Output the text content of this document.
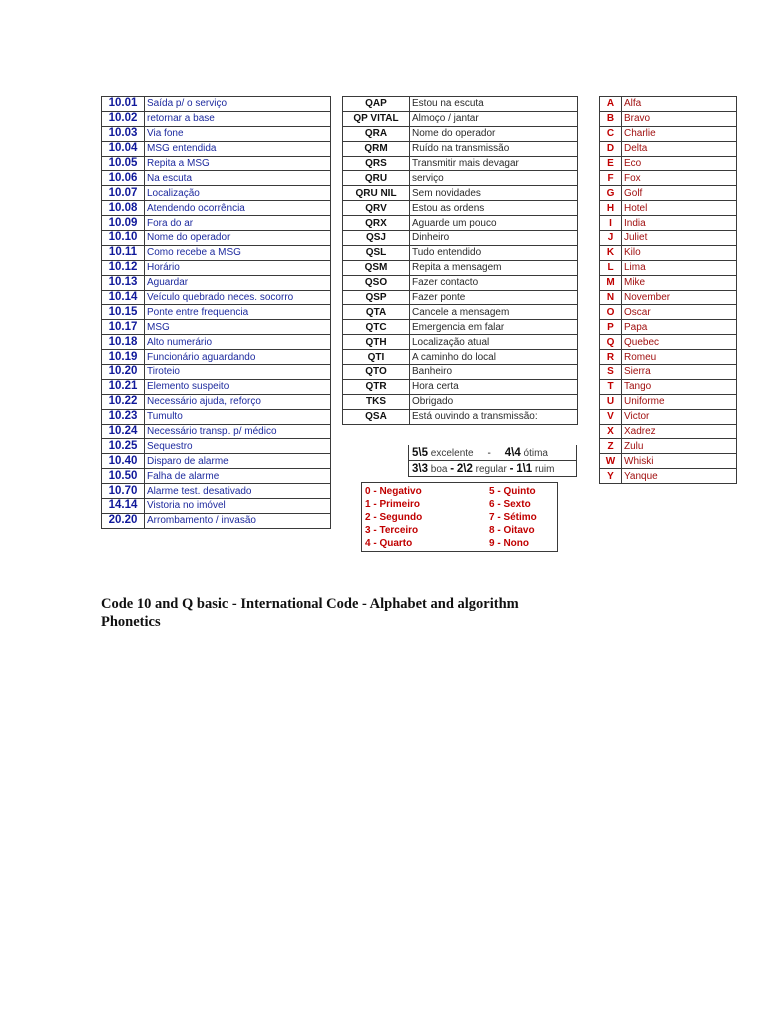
10.01	Saída p/ o serviço
10.02	retornar a base
10.03	Via fone
10.04	MSG entendida
10.05	Repita a MSG
10.06	Na escuta
10.07	Localização
10.08	Atendendo ocorrência
10.09	Fora do ar
10.10	Nome do operador
10.11	Como recebe a MSG
10.12	Horário
10.13	Aguardar
10.14	Veículo quebrado neces. socorro
10.15	Ponte entre frequencia
10.17	MSG
10.18	Alto numerário
10.19	Funcionário aguardando
10.20	Tiroteio
10.21	Elemento suspeito
10.22	Necessário ajuda, reforço
10.23	Tumulto
10.24	Necessário transp. p/ médico
10.25	Sequestro
10.40	Disparo de alarme
10.50	Falha de alarme
10.70	Alarme test. desativado
14.14	Vistoria no imóvel
20.20	Arrombamento / invasão
QAP	Estou na escuta
QP VITAL	Almoço / jantar
QRA	Nome do operador
QRM	Ruído na transmissão
QRS	Transmitir mais devagar
QRU	serviço
QRU NIL	Sem novidades
QRV	Estou as ordens
QRX	Aguarde um pouco
QSJ	Dinheiro
QSL	Tudo entendido
QSM	Repita a mensagem
QSO	Fazer contacto
QSP	Fazer ponte
QTA	Cancele a mensagem
QTC	Emergencia em falar
QTH	Localização atual
QTI	A caminho do local
QTO	Banheiro
QTR	Hora certa
TKS	Obrigado
QSA	Está ouvindo a transmissão:
5\5 excelente - 4\4 ótima
3\3 boa - 2\2 regular - 1\1 ruim
0 - Negativo
1 - Primeiro
2 - Segundo
3 - Terceiro
4 - Quarto
5 - Quinto
6 - Sexto
7 - Sétimo
8 - Oitavo
9 - Nono
A	Alfa
B	Bravo
C	Charlie
D	Delta
E	Eco
F	Fox
G	Golf
H	Hotel
I	India
J	Juliet
K	Kilo
L	Lima
M	Mike
N	November
O	Oscar
P	Papa
Q	Quebec
R	Romeu
S	Sierra
T	Tango
U	Uniforme
V	Victor
X	Xadrez
Z	Zulu
W	Whiski
Y	Yanque
Code 10 and Q basic - International Code - Alphabet and algorithm
Phonetics
